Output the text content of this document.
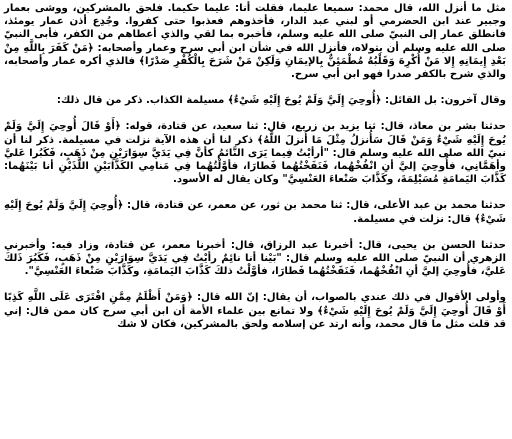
مثل ما أنزل الله، قال محمد: سميعا عليما، فقلت أنا: عليما حكيما. فلحق بالمشركين، ووشى بعمار وجبير عند ابن الحضرمي أو لبني عبد الدار، فأخذوهم فعذبوا حتى كفروا. وجُدِع أذن عمار يومئذ، فانطلق عمار إلى النبيّ صلى الله عليه وسلم، فأخبره بما لقي والذي أعطاهم من الكفر، فأبى النبيّ صلى الله عليه وسلم أن يتولاه، فأنزل الله في شأن ابن أبي سرح وعمار وأصحابه: ﴿مَنْ كَفَرَ بِاللَّهِ مِنْ بَعْدِ إِيمَانِهِ إِلا مَنْ أُكْرِهَ وَقَلْبُهُ مُطْمَئِنٌّ بِالإيمَانِ وَلَكِنْ مَنْ شَرَحَ بِالْكُفْرِ صَدْرًا﴾ فالذي أكره عمار وأصحابه، والذي شرح بالكفر صدرا فهو ابن أبي سرح.

وقال آخرون: بل القائل: ﴿أُوحِيَ إِلَيَّ وَلَمْ يُوحَ إِلَيْهِ شَيْءٌ﴾ مسيلمة الكذاب. ذكر من قال ذلك:

حدثنا بشر بن معاذ، قال: ثنا يزيد بن زريع، قال: ثنا سعيد، عن قتادة، قوله: ﴿أَوْ قَالَ أُوحِيَ إِلَيَّ وَلَمْ يُوحَ إِلَيْهِ شَيْءٌ وَمَنْ قَالَ سَأُنزلُ مِثْلَ مَا أَنزلَ اللَّهُ﴾ ذكر لنا أن هذه الآية نزلت في مسيلمة. ذكر لنا أن نبيّ الله صلى الله عليه وسلم قال: "أرأيْتُ فِيما يَرَى النَّائمُ كأنَّ فِي يَدَيَّ سِوَارَيْنِ مِنْ ذَهَبٍ، فَكَبُرا عَليَّ وأهَمَّانِي، فأُوحِيَ إليَّ أنِ انْفُخْهُما، فَنَفَخْتُهُما فَطارَا، فأوَّلْتُهُما فِي مَنامِي الكَذَّابَيْنِ اللَّذَيْنِ أنا بَيْنَهُما: كَذَّابَ اليَمامَةِ مُسَيْلِمَةَ، وكَذَّابَ صَنْعاءَ العَنْسِيَّ" وكان يقال له الأسود.

حدثنا محمد بن عبد الأعلى، قال: ثنا محمد بن ثور، عن معمر، عن قتادة، قال: ﴿أُوحِيَ إِلَيَّ وَلَمْ يُوحَ إِلَيْهِ شَيْءٌ﴾ قال: نزلت في مسيلمة.

حدثنا الحسن بن يحيى، قال: أخبرنا عبد الرزاق، قال: أخبرنا معمر، عن قتادة، وزاد فيه: وأخبرني الزهري أن النبيّ صلى الله عليه وسلم قال: "بَيْنا أنا نائِمٌ رأيْتُ فِي يَدَيَّ سِوَارَيْنِ مِنْ ذَهَبٍ، فَكَبُرَ ذَلكَ عَليَّ، فأُوحِيَ إليَّ أنِ انْفُخْهُما، فَنَفَخْتُهُما فَطارَا، فأوَّلْتُ ذلكَ كَذَّابَ اليَمامَةِ، وكَذَّابَ صَنْعاءَ العَنْسِيَّ".

وأولى الأقوال في ذلك عندي بالصواب، أن يقال: إنّ الله قال: ﴿وَمَنْ أَظْلَمُ مِمَّنِ افْتَرَى عَلَى اللَّهِ كَذِبًا أَوْ قَالَ أُوحِيَ إِلَيَّ وَلَمْ يُوحَ إِلَيْهِ شَيْءٌ﴾ ولا تمانع بين علماء الأمة أن ابن أبي سرح كان ممن قال: إني قد قلت مثل ما قال محمد، وأنه ارتد عن إسلامه ولحق بالمشركين، فكان لا شك
